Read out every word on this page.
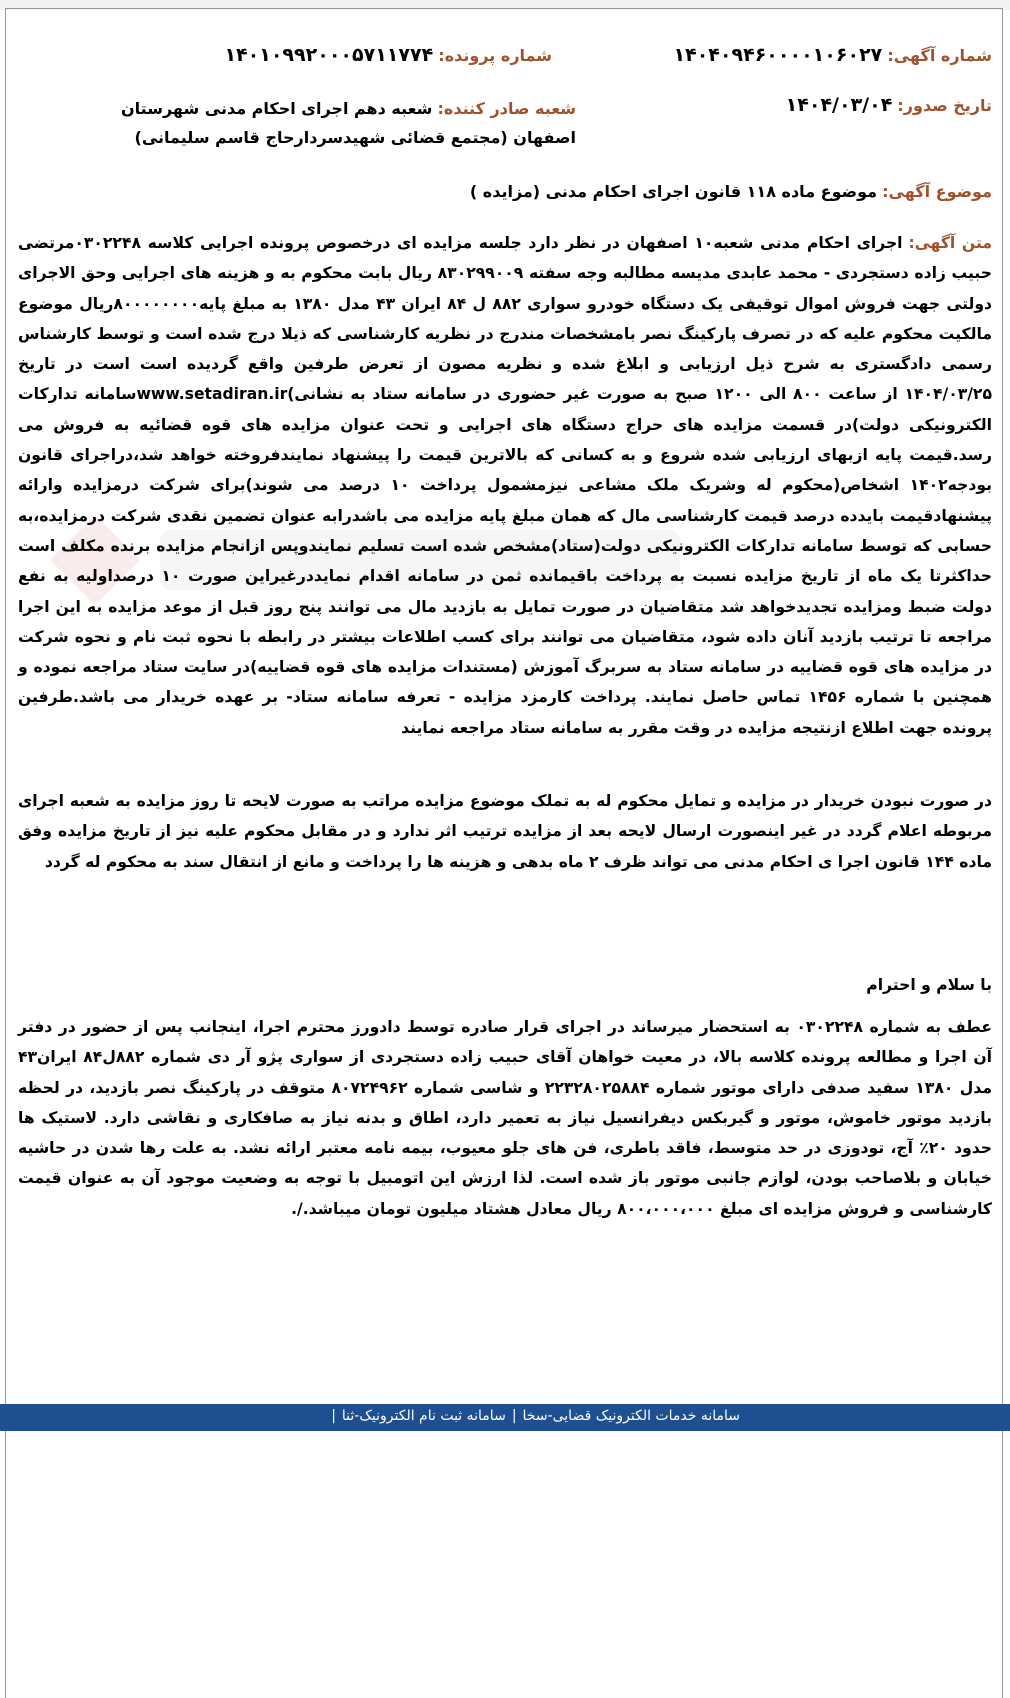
شماره آگهی: ۱۴۰۴۰۹۴۶۰۰۰۰۱۰۶۰۲۷
شماره پرونده: ۱۴۰۱۰۹۹۲۰۰۰۵۷۱۱۷۷۴
تاریخ صدور: ۱۴۰۴/۰۳/۰۴
شعبه صادر کننده: شعبه دهم اجرای احکام مدنی شهرستان اصفهان (مجتمع قضائی شهیدسردارحاج قاسم سلیمانی)
موضوع آگهی: موضوع ماده ۱۱۸ قانون اجرای احکام مدنی (مزایده )
متن آگهی:اجرای احکام مدنی شعبه۱۰ اصفهان در نظر دارد جلسه مزایده ای درخصوص پرونده اجرایی کلاسه ۰۳۰۲۲۴۸مرتضی حبیب زاده دستجردی - محمد عابدی مدیسه مطالبه وجه سفته ۸۳۰۲۹۹۰۰۹ ریال بابت محکوم به و هزینه های اجرایی وحق الاجرای دولتی جهت فروش اموال توقیفی یک دستگاه خودرو سواری ۸۸۲ ل ۸۴ ایران ۴۳ مدل ۱۳۸۰ به مبلغ پایه۸۰۰۰۰۰۰۰۰ریال موضوع مالکیت محکوم علیه که در تصرف پارکینگ نصر بامشخصات مندرج در نظریه کارشناسی که ذیلا درج شده است و توسط کارشناس رسمی دادگستری به شرح ذیل ارزیابی و ابلاغ شده و نظریه مصون از تعرض طرفین واقع گردیده است است در تاریخ ۱۴۰۴/۰۳/۲۵ از ساعت ۸۰۰ الی ۱۲۰۰ صبح به صورت غیر حضوری در سامانه ستاد به نشانی)www.setadiran.irسامانه تدارکات الکترونیکی دولت)در قسمت مزایده های حراج دستگاه های اجرایی و تحت عنوان مزایده های قوه قضائیه به فروش می رسد.قیمت پایه ازبهای ارزیابی شده شروع و به کسانی که بالاترین قیمت را پیشنهاد نمایندفروخته خواهد شد،دراجرای قانون بودجه۱۴۰۲ اشخاص(محکوم له وشریک ملک مشاعی نیزمشمول پرداخت ۱۰ درصد می شوند)برای شرکت درمزایده وارائه پیشنهادقیمت بایدده درصد قیمت کارشناسی مال که همان مبلغ پایه مزایده می باشدرابه عنوان تضمین نقدی شرکت درمزایده،به حسابی که توسط سامانه تدارکات الکترونیکی دولت(ستاد)مشخص شده است تسلیم نمایندوپس ازانجام مزایده برنده مکلف است حداکثرتا یک ماه از تاریخ مزایده نسبت به پرداخت باقیمانده ثمن در سامانه اقدام نمایددرغیراین صورت ۱۰ درصداولیه به نفع دولت ضبط ومزایده تجدیدخواهد شد متقاضیان در صورت تمایل به بازدید مال می توانند پنج روز قبل از موعد مزایده به این اجرا مراجعه تا ترتیب بازدید آنان داده شود، متقاضیان می توانند برای کسب اطلاعات بیشتر در رابطه با نحوه ثبت نام و نحوه شرکت در مزایده های قوه قضاییه در سامانه ستاد به سربرگ آموزش (مستندات مزایده های قوه قضاییه)در سایت ستاد مراجعه نموده و همچنین با شماره ۱۴۵۶ تماس حاصل نمایند. پرداخت کارمزد مزایده - تعرفه سامانه ستاد- بر عهده خریدار می باشد.طرفین پرونده جهت اطلاع ازنتیجه مزایده در وقت مقرر به سامانه ستاد مراجعه نمایند
در صورت نبودن خریدار در مزایده و تمایل محکوم له به تملک موضوع مزایده مراتب به صورت لایحه تا روز مزایده به شعبه اجرای مربوطه اعلام گردد در غیر اینصورت ارسال لایحه بعد از مزایده ترتیب اثر ندارد و در مقابل محکوم علیه نیز از تاریخ مزایده وفق ماده ۱۴۴ قانون اجرا ی احکام مدنی می تواند ظرف ۲ ماه بدهی و هزینه ها را پرداخت و مانع از انتقال سند به محکوم له گردد
با سلام و احترام
عطف به شماره ۰۳۰۲۲۴۸ به استحضار میرساند در اجرای قرار صادره توسط دادورز محترم اجرا، اینجانب پس از حضور در دفتر آن اجرا و مطالعه پرونده کلاسه بالا، در معیت خواهان آقای حبیب زاده دستجردی از سواری پژو آر دی شماره ۸۸۲ل۸۴ ایران۴۳ مدل ۱۳۸۰ سفید صدفی دارای موتور شماره ۲۲۳۲۸۰۲۵۸۸۴ و شاسی شماره ۸۰۷۲۴۹۶۲ متوقف در پارکینگ نصر بازدید، در لحظه بازدید موتور خاموش، موتور و گیربکس دیفرانسیل نیاز به تعمیر دارد، اطاق و بدنه نیاز به صافکاری و نقاشی دارد. لاستیک ها حدود ۲۰٪ آج، تودوزی در حد متوسط، فاقد باطری، فن های جلو معیوب، بیمه نامه معتبر ارائه نشد. به علت رها شدن در حاشیه خیابان و بلاصاحب بودن، لوازم جانبی موتور باز شده است. لذا ارزش این اتومبیل با توجه به وضعیت موجود آن به عنوان قیمت کارشناسی و فروش مزایده ای مبلغ ۸۰۰،۰۰۰،۰۰۰ ریال معادل هشتاد میلیون تومان میباشد./.
سامانه خدمات الکترونیک قضایی-سخا|سامانه ثبت نام الکترونیک-ثنا|
